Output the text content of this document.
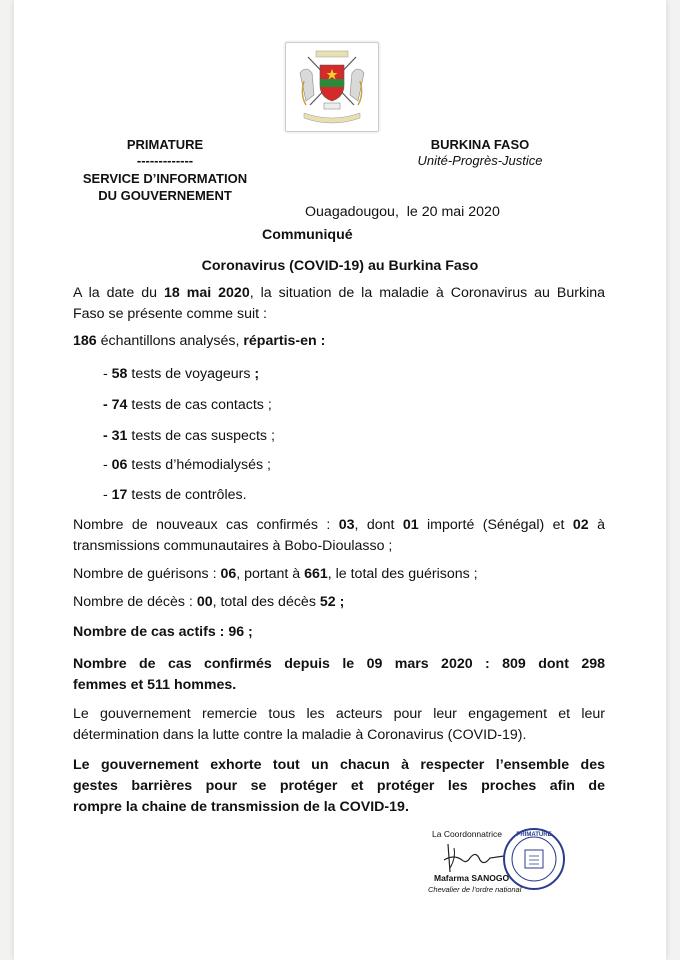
PRIMATURE
-------------
SERVICE D’INFORMATION
DU GOUVERNEMENT
BURKINA FASO
Unité-Progrès-Justice
Ouagadougou,  le 20 mai 2020
Communiqué
Coronavirus (COVID-19) au Burkina Faso
A la date du 18 mai 2020, la situation de la maladie à Coronavirus au Burkina
Faso se présente comme suit :
186 échantillons analysés, répartis-en :
- 58 tests de voyageurs ;
- 74 tests de cas contacts ;
- 31 tests de cas suspects ;
- 06 tests d’hémodialysés ;
- 17 tests de contrôles.
Nombre de nouveaux cas confirmés : 03, dont 01 importé (Sénégal) et 02 à
transmissions communautaires à Bobo-Dioulasso ;
Nombre de guérisons : 06, portant à 661, le total des guérisons ;
Nombre de décès : 00, total des décès 52 ;
Nombre de cas actifs : 96 ;
Nombre de cas confirmés depuis le 09 mars 2020 : 809 dont 298
femmes et 511 hommes.
Le gouvernement remercie tous les acteurs pour leur engagement et leur
détermination dans la lutte contre la maladie à Coronavirus (COVID-19).
Le gouvernement exhorte tout un chacun à respecter l’ensemble des
gestes barrières pour se protéger et protéger les proches afin de
rompre la chaine de transmission de la COVID-19.
La Coordonnatrice	PRIMATURE
Mafarma SANOGO
Chevalier de l’ordre national
